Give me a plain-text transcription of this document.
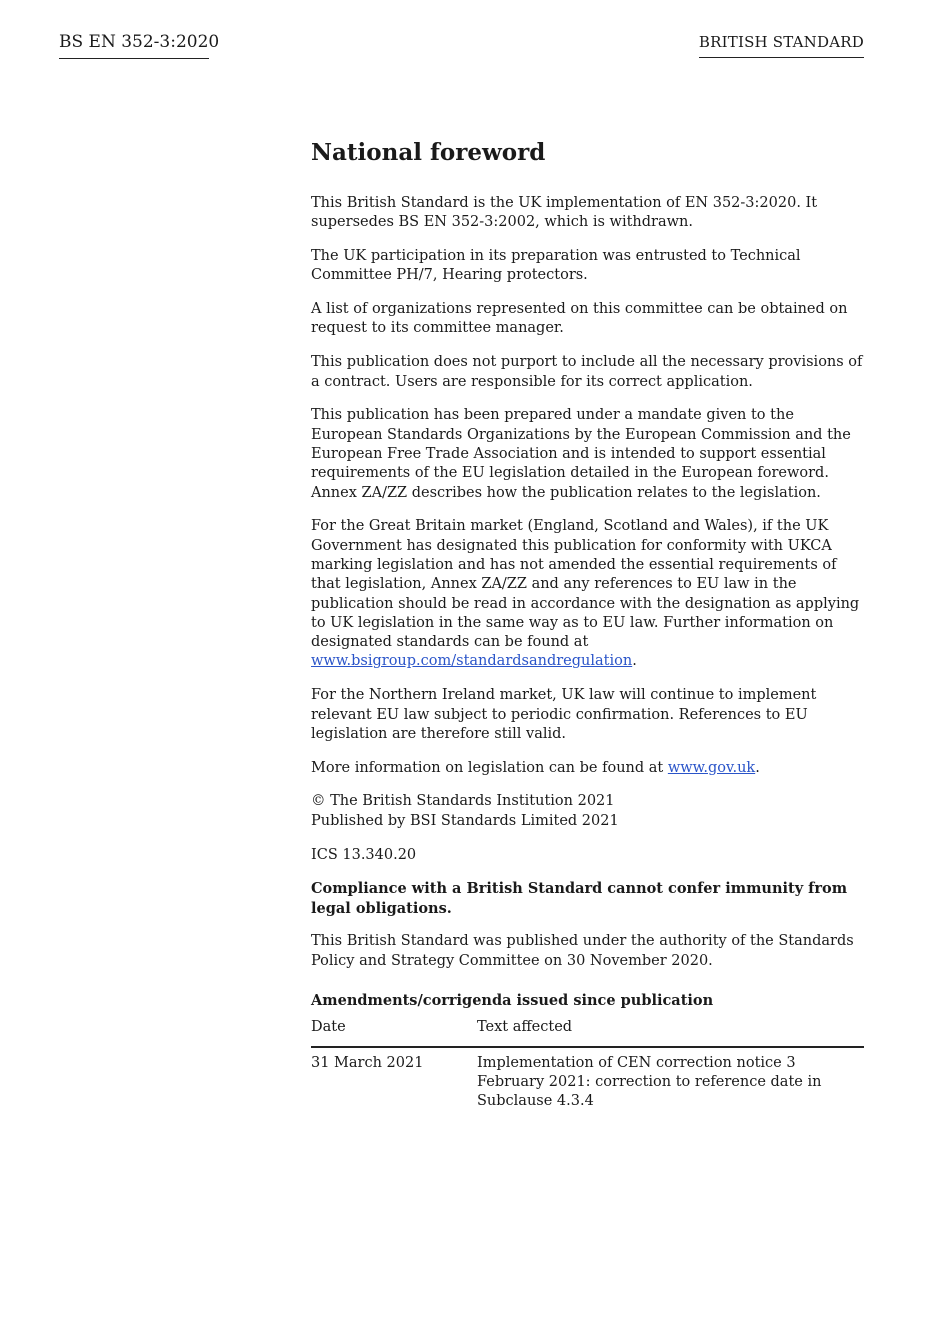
BS EN 352-3:2020	BRITISH STANDARD
National foreword

This British Standard is the UK implementation of EN 352-3:2020. It supersedes BS EN 352-3:2002, which is withdrawn.

The UK participation in its preparation was entrusted to Technical Committee PH/7, Hearing protectors.

A list of organizations represented on this committee can be obtained on request to its committee manager.

This publication does not purport to include all the necessary provisions of a contract. Users are responsible for its correct application.

This publication has been prepared under a mandate given to the European Standards Organizations by the European Commission and the European Free Trade Association and is intended to support essential requirements of the EU legislation detailed in the European foreword. Annex ZA/ZZ describes how the publication relates to the legislation.

For the Great Britain market (England, Scotland and Wales), if the UK Government has designated this publication for conformity with UKCA marking legislation and has not amended the essential requirements of that legislation, Annex ZA/ZZ and any references to EU law in the publication should be read in accordance with the designation as applying to UK legislation in the same way as to EU law. Further information on designated standards can be found at www.bsigroup.com/standardsandregulation.

For the Northern Ireland market, UK law will continue to implement relevant EU law subject to periodic confirmation. References to EU legislation are therefore still valid.

More information on legislation can be found at www.gov.uk.

© The British Standards Institution 2021
Published by BSI Standards Limited 2021

ICS 13.340.20

Compliance with a British Standard cannot confer immunity from legal obligations.

This British Standard was published under the authority of the Standards Policy and Strategy Committee on 30 November 2020.

Amendments/corrigenda issued since publication
Date	Text affected
31 March 2021	Implementation of CEN correction notice 3 February 2021: correction to reference date in Subclause 4.3.4
